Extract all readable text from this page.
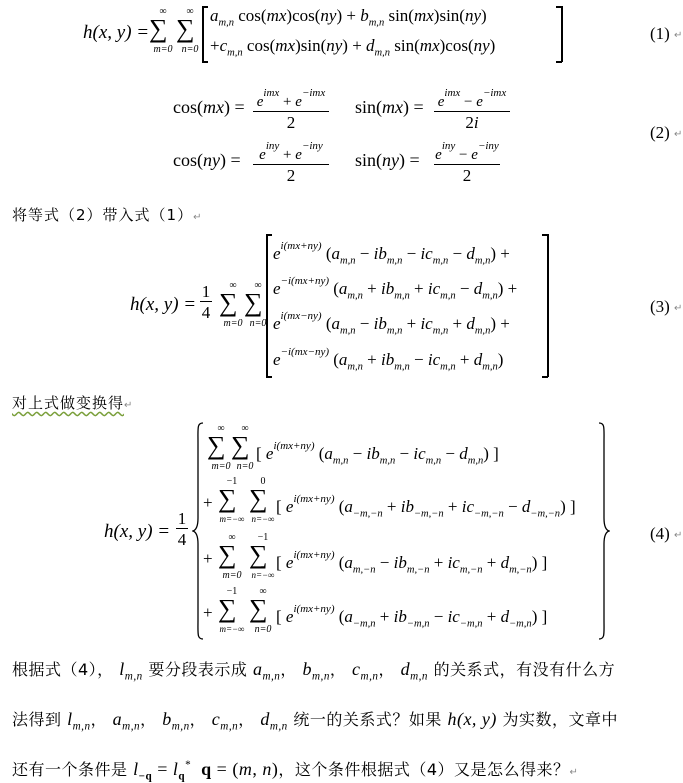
h(x, y) = ∑
∞
m=0
∑
∞
n=0
$a_{m,n}$ $\cos(mx)\cos(ny) + b_{m,n}$ sin(mx)sin(ny)
$+c_{m,n}$ $\cos(mx)\sin(ny) + d_{m,n}$ sin(mx)cos(ny)
(1) ↵
$\cos(mx) = e^{imx} + e^{-imx}$
2
$\sin(mx) = e^{imx} - e^{-imx}$
2i
cos(ny) =	$e^{iny} + e^{-iny}$
2
$\sin(ny) = e^{iny} - e^{-iny}$
2
(2) ↵
将等式（2）带入式（1）↵
h(x, y) =
1
4 ∑
∞
m=0
∑
∞
n=0
$e^{i(mx+ny)}$ $(a_{m,n} - ib_{m,n} - ic_{m,n} - d_{m,n})$ +
$e^{-i(mx+ny)}$ $(a_{m,n} + ib_{m,n} + ic_{m,n} - d_{m,n})$ +
$e^{i(mx-ny)}$ $(a_{m,n} - ib_{m,n} + ic_{m,n} + d_{m,n})$ +
$e^{-i(mx-ny)}$ $(a_{m,n} + ib_{m,n} - ic_{m,n} + d_{m,n})$
(3) ↵
对上式做变换得↵
h(x, y) =
1
4
∑
∞
m=0
∑
∞
n=0
[ $e^{i(mx+ny)}$ $(a_{m,n} - ib_{m,n} - ic_{m,n} - d_{m,n})$ ]
+ ∑
−1
m=−∞
∑
0
n=−∞
[ $e^{i(mx+ny)}$ $(a_{-m,-n} + ib_{-m,-n} + ic_{-m,-n} - d_{-m,-n})$ ]
+ ∑
∞
m=0
∑
−1
n=−∞
[ $e^{i(mx+ny)}$ $(a_{m,-n} - ib_{m,-n} + ic_{m,-n} + d_{m,-n})$ ]
+ ∑
−1
m=−∞
∑
∞
n=0
[ $e^{i(mx+ny)}$ $(a_{-m,n} + ib_{-m,n} - ic_{-m,n} + d_{-m,n})$ ]
(4) ↵
根据式（4）， $l_{m,n}$ 要分段表示成 $a_{m,n}$， $b_{m,n}$， $c_{m,n}$， $d_{m,n}$ 的关系式，有没有什么方
法得到 $l_{m,n}$， $a_{m,n}$， $b_{m,n}$， $c_{m,n}$， $d_{m,n}$ 统一的关系式？如果 h(x, y) 为实数，文章中
还有一个条件是 $l_{-q} = l_q^*$ q = (m, n)，这个条件根据式（4）又是怎么得来？↵
